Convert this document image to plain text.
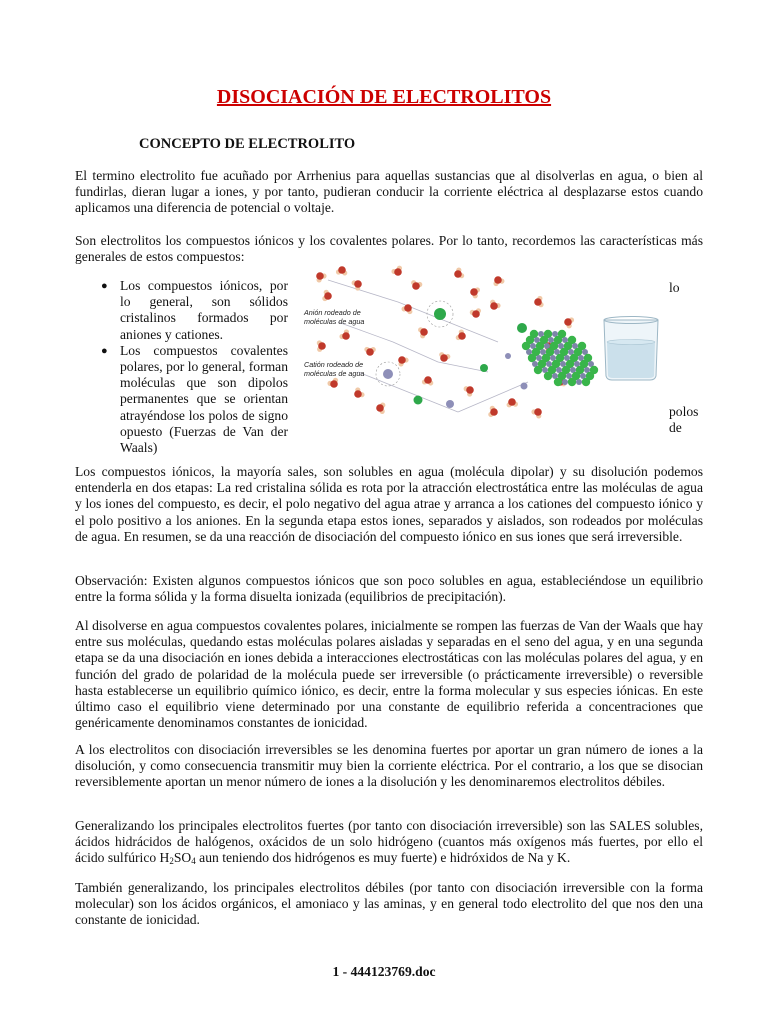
DISOCIACIÓN DE ELECTROLITOS
CONCEPTO DE ELECTROLITO

El termino electrolito fue acuñado por Arrhenius para aquellas sustancias que al disolverlas en agua, o bien al fundirlas, dieran lugar a iones, y por tanto, pudieran conducir la corriente eléctrica al desplazarse estos cuando aplicamos una diferencia de potencial o voltaje.

Son electrolitos los compuestos iónicos y los covalentes polares. Por lo tanto, recordemos las características más generales de estos compuestos:

● Los compuestos iónicos, por lo general, son sólidos cristalinos formados por aniones y cationes.
● Los compuestos covalentes polares, por lo general, forman moléculas que son dipolos permanentes que se orientan atrayéndose los polos de signo opuesto (Fuerzas de Van der Waals)
lo
polos
de
Anión rodeado de
moléculas de agua
Catión rodeado de
moléculas de agua

Los compuestos iónicos, la mayoría sales, son solubles en agua (molécula dipolar) y su disolución podemos entenderla en dos etapas: La red cristalina sólida es rota por la atracción electrostática entre las moléculas de agua y los iones del compuesto, es decir, el polo negativo del agua atrae y arranca a los cationes del compuesto iónico y el polo positivo a los aniones. En la segunda etapa estos iones, separados y aislados, son rodeados por moléculas de agua. En resumen, se da una reacción de disociación del compuesto iónico en sus iones que será irreversible.

Observación: Existen algunos compuestos iónicos que son poco solubles en agua, estableciéndose un equilibrio entre la forma sólida y la forma disuelta ionizada (equilibrios de precipitación).

Al disolverse en agua compuestos covalentes polares, inicialmente se rompen las fuerzas de Van der Waals que hay entre sus moléculas, quedando estas moléculas polares aisladas y separadas en el seno del agua, y en una segunda etapa se da una disociación en iones debida a interacciones electrostáticas con las moléculas polares del agua, y en función del grado de polaridad de la molécula puede ser irreversible (o prácticamente irreversible) o reversible hasta establecerse un equilibrio químico iónico, es decir, entre la forma molecular y sus especies iónicas. En este último caso el equilibrio viene determinado por una constante de equilibrio referida a concentraciones que genéricamente denominamos constantes de ionicidad.

A los electrolitos con disociación irreversibles se les denomina fuertes por aportar un gran número de iones a la disolución, y como consecuencia transmitir muy bien la corriente eléctrica. Por el contrario, a los que se disocian reversiblemente aportan un menor número de iones a la disolución y les denominaremos electrolitos débiles.

Generalizando los principales electrolitos fuertes (por tanto con disociación irreversible) son las SALES solubles, ácidos hidrácidos de halógenos, oxácidos de un solo hidrógeno (cuantos más oxígenos más fuertes, por ello el ácido sulfúrico $H_2SO_4$ aun teniendo dos hidrógenos es muy fuerte) e hidróxidos de Na y K.

También generalizando, los principales electrolitos débiles (por tanto con disociación irreversible con la forma molecular) son los ácidos orgánicos, el amoniaco y las aminas, y en general todo electrolito del que nos den una constante de ionicidad.

1 - 444123769.doc
